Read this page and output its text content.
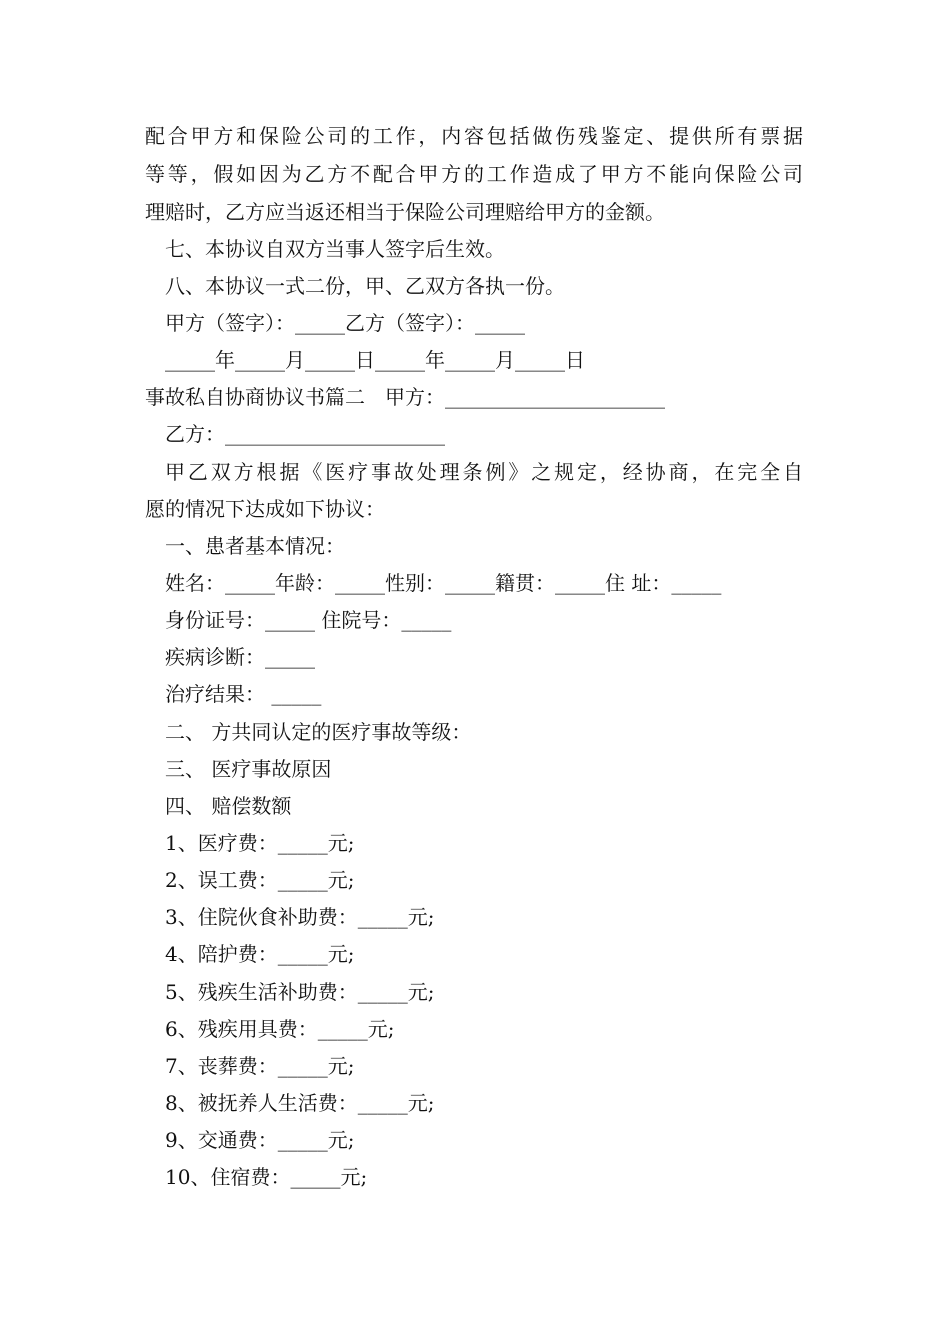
配合甲方和保险公司的工作，内容包括做伤残鉴定、提供所有票据
等等，假如因为乙方不配合甲方的工作造成了甲方不能向保险公司
理赔时，乙方应当返还相当于保险公司理赔给甲方的金额。
七、本协议自双方当事人签字后生效。
八、本协议一式二份，甲、乙双方各执一份。
甲方（签字）：_____乙方（签字）：_____
_____年_____月_____日_____年_____月_____日
事故私自协商协议书篇二　甲方：______________________
乙方：______________________
甲乙双方根据《医疗事故处理条例》之规定，经协商，在完全自
愿的情况下达成如下协议：
一、患者基本情况：
姓名：_____年龄：_____性别：_____籍贯：_____住 址：_____
身份证号：_____ 住院号：_____
疾病诊断：_____
治疗结果： _____
二、 方共同认定的医疗事故等级：
三、 医疗事故原因
四、 赔偿数额
1、医疗费：_____元;
2、误工费：_____元;
3、住院伙食补助费：_____元;
4、陪护费：_____元;
5、残疾生活补助费：_____元;
6、残疾用具费：_____元;
7、丧葬费：_____元;
8、被抚养人生活费：_____元;
9、交通费：_____元;
10、住宿费：_____元;
